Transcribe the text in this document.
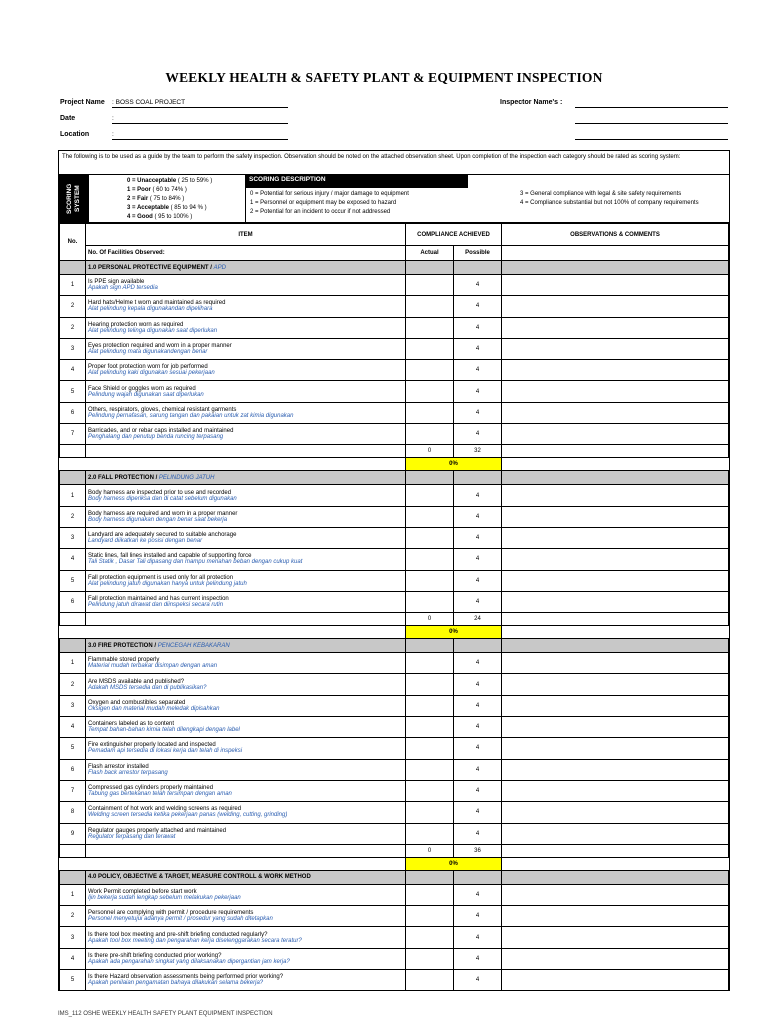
WEEKLY HEALTH & SAFETY PLANT & EQUIPMENT INSPECTION
Project Name : BOSS COAL PROJECT
Date	:
Location	:
Inspector Name's :
The following is to be used as a guide by the team to perform the safety inspection. Observation should be noted on the attached observation sheet. Upon completion of the inspection each category should be rated as scoring system:
SCORING SYSTEM
0 = Unacceptable ( 25 to 59% )
1 = Poor ( 60 to 74% )
2 = Fair ( 75 to 84% )
3 = Acceptable ( 85 to 94 % )
4 = Good ( 95 to 100% )
SCORING DESCRIPTION
0 = Potential for serious injury / major damage to equipment
1 = Personnel or equipment may be exposed to hazard
2 = Potential for an incident to occur if not addressed
3 = General compliance with legal & site safety requirements
4 = Compliance substantial but not 100% of company requirements
No.	ITEM	COMPLIANCE ACHIEVED		OBSERVATIONS & COMMENTS
	No. Of Facilities Observed:	Actual	Possible	
	1.0 PERSONAL PROTECTIVE EQUIPMENT / APD			
1	Is PPE sign available
Apakah sign APD tersedia		4	
2	Hard hats/Helme t worn and maintained as required
Alat pelindung kepala digunakandan dipelihara		4	
2	Hearing protection worn as required
Alat pelindung telinga digunakan saat diperlukan		4	
3	Eyes protection required and worn in a proper manner
Alat pelindung mata digunakandengan benar		4	
4	Proper foot protection worn for job performed
Alat pelindung kaki digunakan sesuai pekerjaan		4	
5	Face Shield or goggles worn as required
Pelindung wajah digunakan saat diperlukan		4	
6	Others, respirators, gloves, chemical resistant garments
Pelindung pernafasan, sarung tangan dan pakaian untuk zat kimia digunakan		4	
7	Barricades, and or rebar caps installed and maintained
Penghalang dan penutup benda runcing terpasang		4	
		0	32	
		0%		
	2.0 FALL PROTECTION / PELINDUNG JATUH			
1	Body harness are inspected prior to use and recorded
Body harness diperiksa dan di catat sebelum digunakan		4	
2	Body harness are required and worn in a proper manner
Body harness digunakan dengan benar saat bekerja		4	
3	Landyard are adequately secured to suitable anchorage
Landyard diikatkan ke posisi dengan benar		4	
4	Static lines, fall lines installed and capable of supporting force
Tali Statik , Dasar Tali dipasang dan mampu menahan beban dengan cukup kuat		4	
5	Fall protection equipment is used only for all protection
Alat pelindung jatuh digunakan hanya untuk pelindung jatuh		4	
6	Fall protection maintained and has current inspection
Pelindung jatuh dirawat dan diinspeksi secara rutin		4	
		0	24	
		0%		
	3.0 FIRE PROTECTION / PENCEGAH KEBAKARAN			
1	Flammable stored properly
Material mudah terbakar disimpan dengan aman		4	
2	Are MSDS available and published?
Adakah MSDS tersedia dan di publikasikan?		4	
3	Oxygen and combustibles separated
Oksigen dan material mudah meledak dipisahkan		4	
4	Containers labeled as to content
Tempat bahan-bahan kimia telah dilengkapi dengan label		4	
5	Fire extinguisher properly located and inspected
Pemadam api tersedia di lokasi kerja dan telah di inspeksi		4	
6	Flash arrestor installed
Flash back arrestor terpasang		4	
7	Compressed gas cylinders properly maintained
Tabung gas bertekanan telah tersimpan dengan aman		4	
8	Containment of hot work and welding screens as required
Welding screen tersedia ketika pekerjaan panas (welding, cutting, grinding)		4	
9	Regulator gauges properly attached and maintained
Regulator terpasang dan terawat		4	
		0	36	
		0%		
	4.0 POLICY, OBJECTIVE & TARGET, MEASURE CONTROLL & WORK METHOD			
1	Work Permit completed before start work
Ijin bekerja sudah lengkap sebelum melakukan pekerjaan		4	
2	Personnel are complying with permit / procedure requirements
Personel menyetujui adanya permit / prosedur yang sudah ditetapkan		4	
3	Is there tool box meeting and pre-shift briefing conducted regularly?
Apakah tool box meeting dan pengarahan kerja diselenggarakan secara teratur?		4	
4	Is there pre-shift briefing conducted prior working?
Apakah ada pengarahan singkat yang dilaksanakan dipergantian jam kerja?		4	
5	Is there Hazard observation assessments being performed prior working?
Apakah penilaian pengamatan bahaya dilakukan selama bekerja?		4	
IMS_112 OSHE WEEKLY HEALTH SAFETY PLANT EQUIPMENT INSPECTION
